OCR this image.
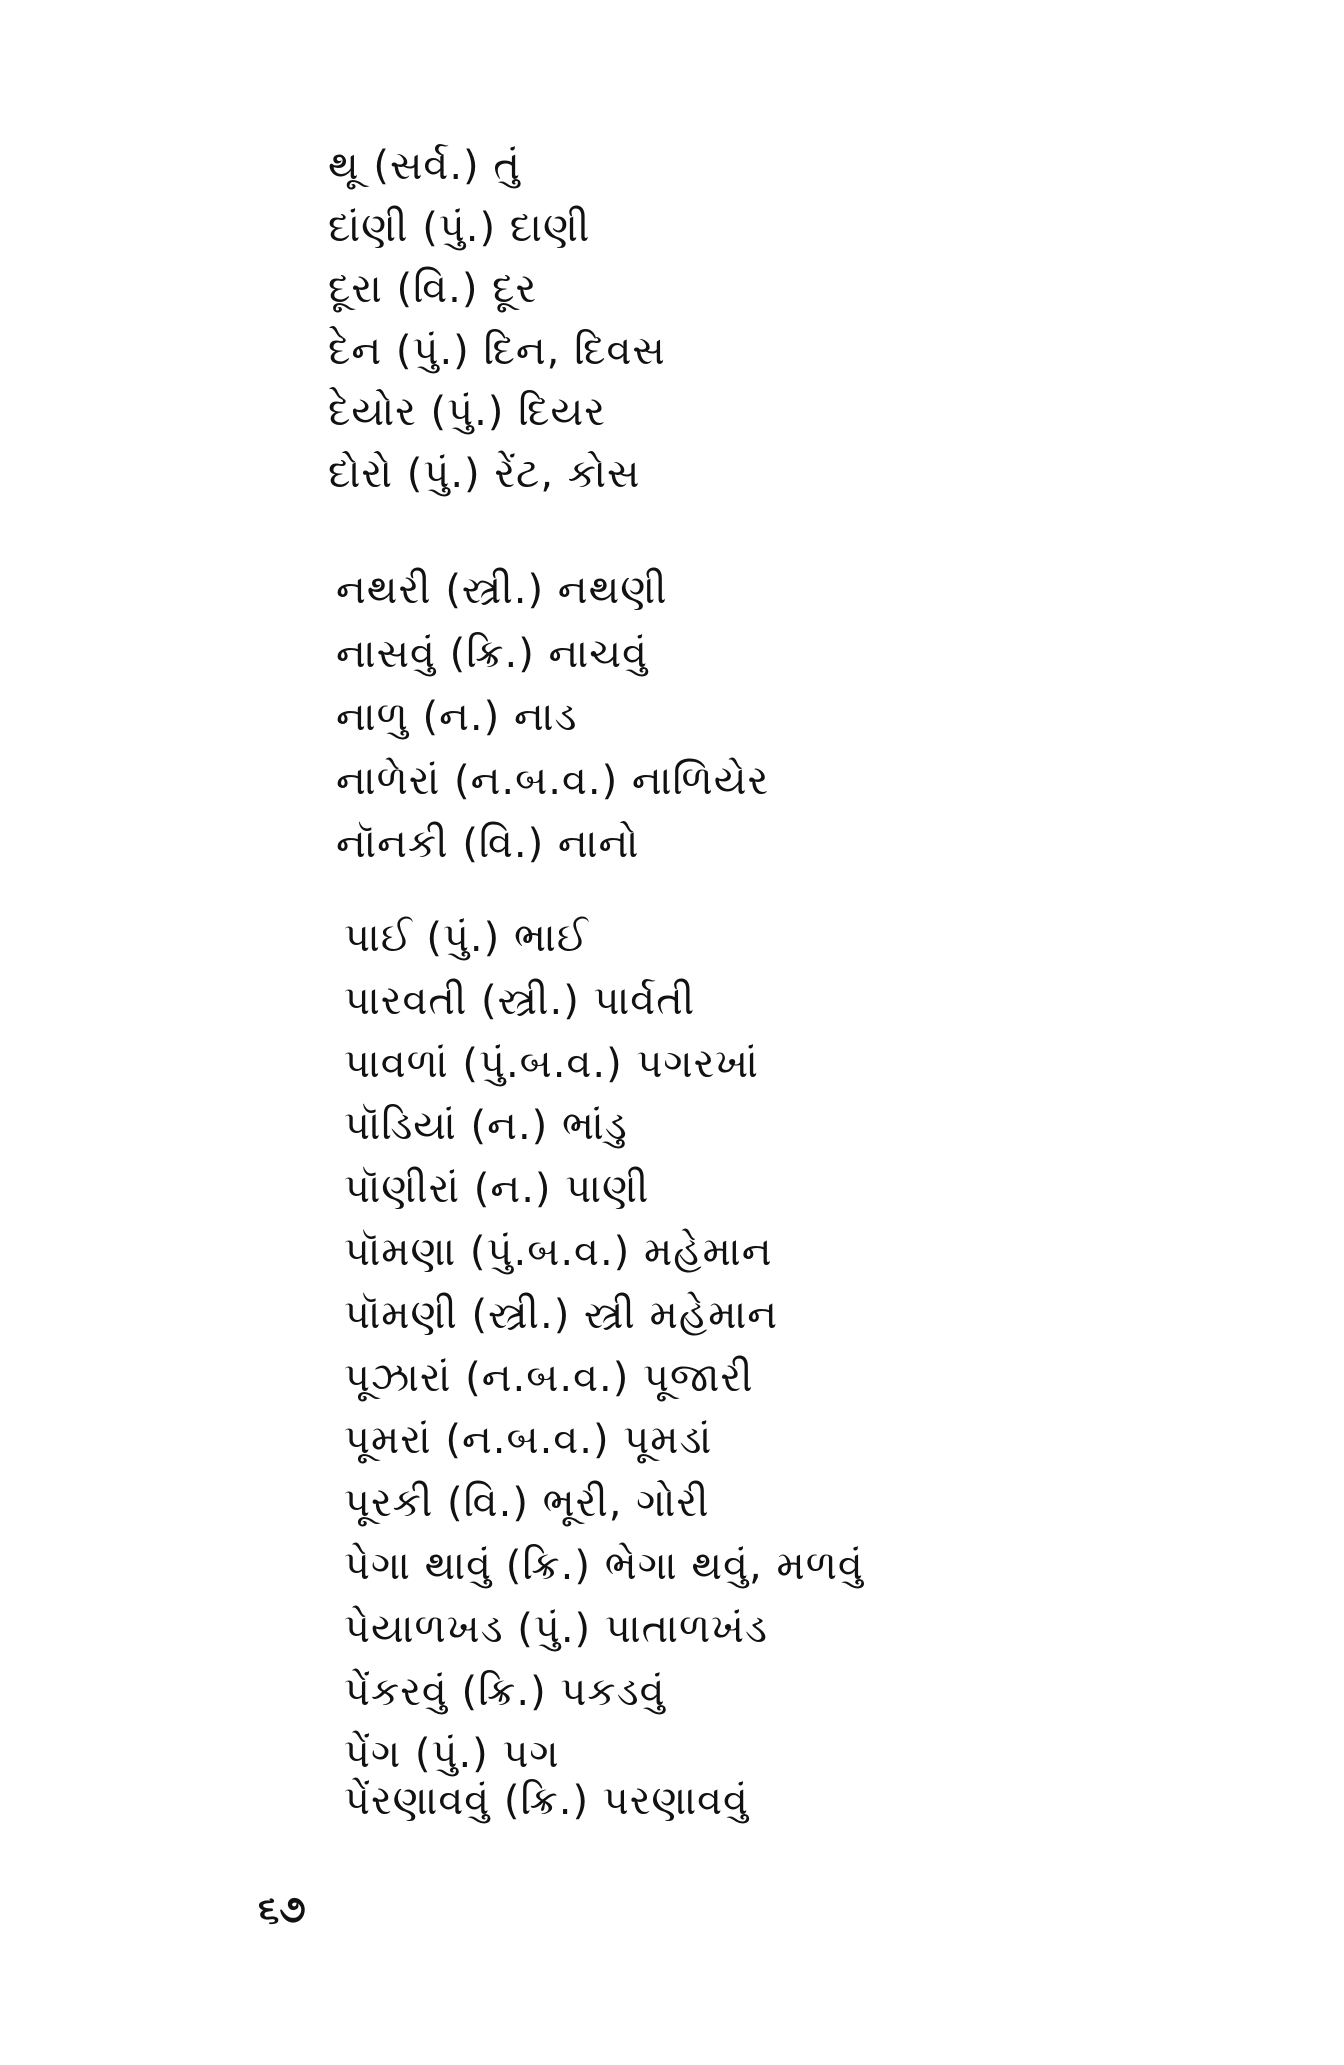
થૂ (સર્વ.) તું
દાંણી (પું.) દાણી
દૂરા (વિ.) દૂર
દેન (પું.) દિન, દિવસ
દેયોર (પું.) દિયર
દોરો (પું.) રેંટ, કોસ
નથરી (સ્ત્રી.) નથણી
નાસવું (ક્રિ.) નાચવું
નાળુ (ન.) નાડ
નાળેરાં (ન.બ.વ.) નાળિયેર
નૉનકી (વિ.) નાનો
પાઈ (પું.) ભાઈ
પારવતી (સ્ત્રી.) પાર્વતી
પાવળાં (પું.બ.વ.) પગરખાં
પૉડિયાં (ન.) ભાંડુ
પૉણીરાં (ન.) પાણી
પૉમણા (પું.બ.વ.) મહેમાન
પૉમણી (સ્ત્રી.) સ્ત્રી મહેમાન
પૂઝારાં (ન.બ.વ.) પૂજારી
પૂમરાં (ન.બ.વ.) પૂમડાં
પૂરકી (વિ.) ભૂરી, ગોરી
પેગા થાવું (ક્રિ.) ભેગા થવું, મળવું
પેયાળખડ (પું.) પાતાળખંડ
પેંકરવું (ક્રિ.) પકડવું
પેંગ (પું.) પગ
પેંરણાવવું (ક્રિ.) પરણાવવું
૬૭
